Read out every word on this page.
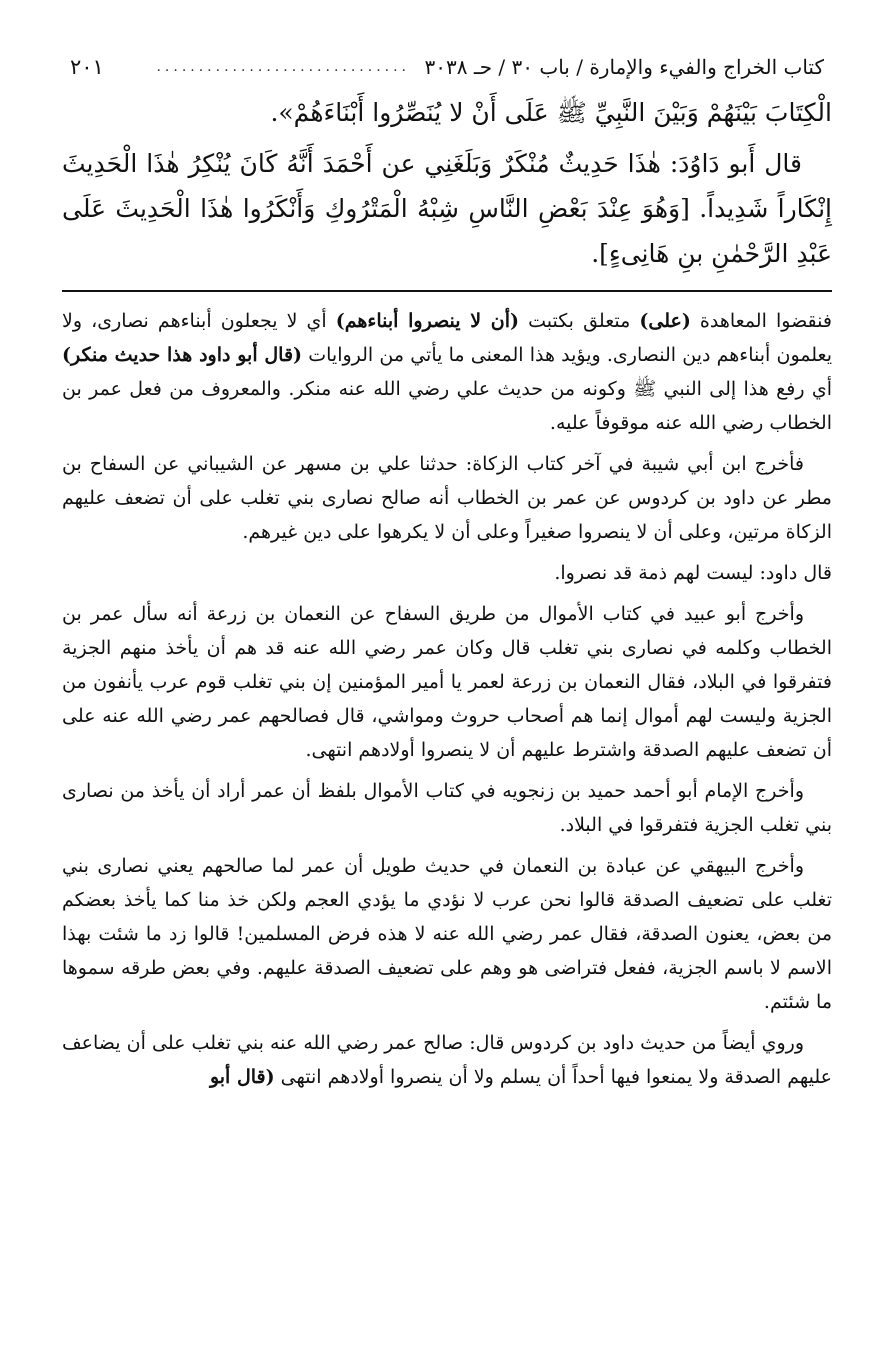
كتاب الخراج والفيء والإمارة / باب ٣٠ / حـ ٣٠٣٨
..............................
٢٠١

الْكِتَابَ بَيْنَهُمْ وَبَيْنَ النَّبِيِّ ﷺ عَلَى أَنْ لا يُنَصِّرُوا أَبْنَاءَهُمْ».

قال أَبو دَاوُدَ: هٰذَا حَدِيثٌ مُنْكَرٌ وَبَلَغَنِي عن أَحْمَدَ أَنَّهُ كَانَ يُنْكِرُ هٰذَا الْحَدِيثَ إِنْكَاراً شَدِيداً. [وَهُوَ عِنْدَ بَعْضِ النَّاسِ شِبْهُ الْمَتْرُوكِ وَأَنْكَرُوا هٰذَا الْحَدِيثَ عَلَى عَبْدِ الرَّحْمٰنِ بنِ هَانِىءٍ].

فنقضوا المعاهدة (على) متعلق بكتبت (أن لا ينصروا أبناءهم) أي لا يجعلون أبناءهم نصارى، ولا يعلمون أبناءهم دين النصارى. ويؤيد هذا المعنى ما يأتي من الروايات (قال أبو داود هذا حديث منكر) أي رفع هذا إلى النبي ﷺ وكونه من حديث علي رضي الله عنه منكر. والمعروف من فعل عمر بن الخطاب رضي الله عنه موقوفاً عليه.

فأخرج ابن أبي شيبة في آخر كتاب الزكاة: حدثنا علي بن مسهر عن الشيباني عن السفاح بن مطر عن داود بن كردوس عن عمر بن الخطاب أنه صالح نصارى بني تغلب على أن تضعف عليهم الزكاة مرتين، وعلى أن لا ينصروا صغيراً وعلى أن لا يكرهوا على دين غيرهم.

قال داود: ليست لهم ذمة قد نصروا.

وأخرج أبو عبيد في كتاب الأموال من طريق السفاح عن النعمان بن زرعة أنه سأل عمر بن الخطاب وكلمه في نصارى بني تغلب قال وكان عمر رضي الله عنه قد هم أن يأخذ منهم الجزية فتفرقوا في البلاد، فقال النعمان بن زرعة لعمر يا أمير المؤمنين إن بني تغلب قوم عرب يأنفون من الجزية وليست لهم أموال إنما هم أصحاب حروث ومواشي، قال فصالحهم عمر رضي الله عنه على أن تضعف عليهم الصدقة واشترط عليهم أن لا ينصروا أولادهم انتهى.

وأخرج الإمام أبو أحمد حميد بن زنجويه في كتاب الأموال بلفظ أن عمر أراد أن يأخذ من نصارى بني تغلب الجزية فتفرقوا في البلاد.

وأخرج البيهقي عن عبادة بن النعمان في حديث طويل أن عمر لما صالحهم يعني نصارى بني تغلب على تضعيف الصدقة قالوا نحن عرب لا نؤدي ما يؤدي العجم ولكن خذ منا كما يأخذ بعضكم من بعض، يعنون الصدقة، فقال عمر رضي الله عنه لا هذه فرض المسلمين! قالوا زد ما شئت بهذا الاسم لا باسم الجزية، ففعل فتراضى هو وهم على تضعيف الصدقة عليهم. وفي بعض طرقه سموها ما شئتم.

وروي أيضاً من حديث داود بن كردوس قال: صالح عمر رضي الله عنه بني تغلب على أن يضاعف عليهم الصدقة ولا يمنعوا فيها أحداً أن يسلم ولا أن ينصروا أولادهم انتهى (قال أبو
